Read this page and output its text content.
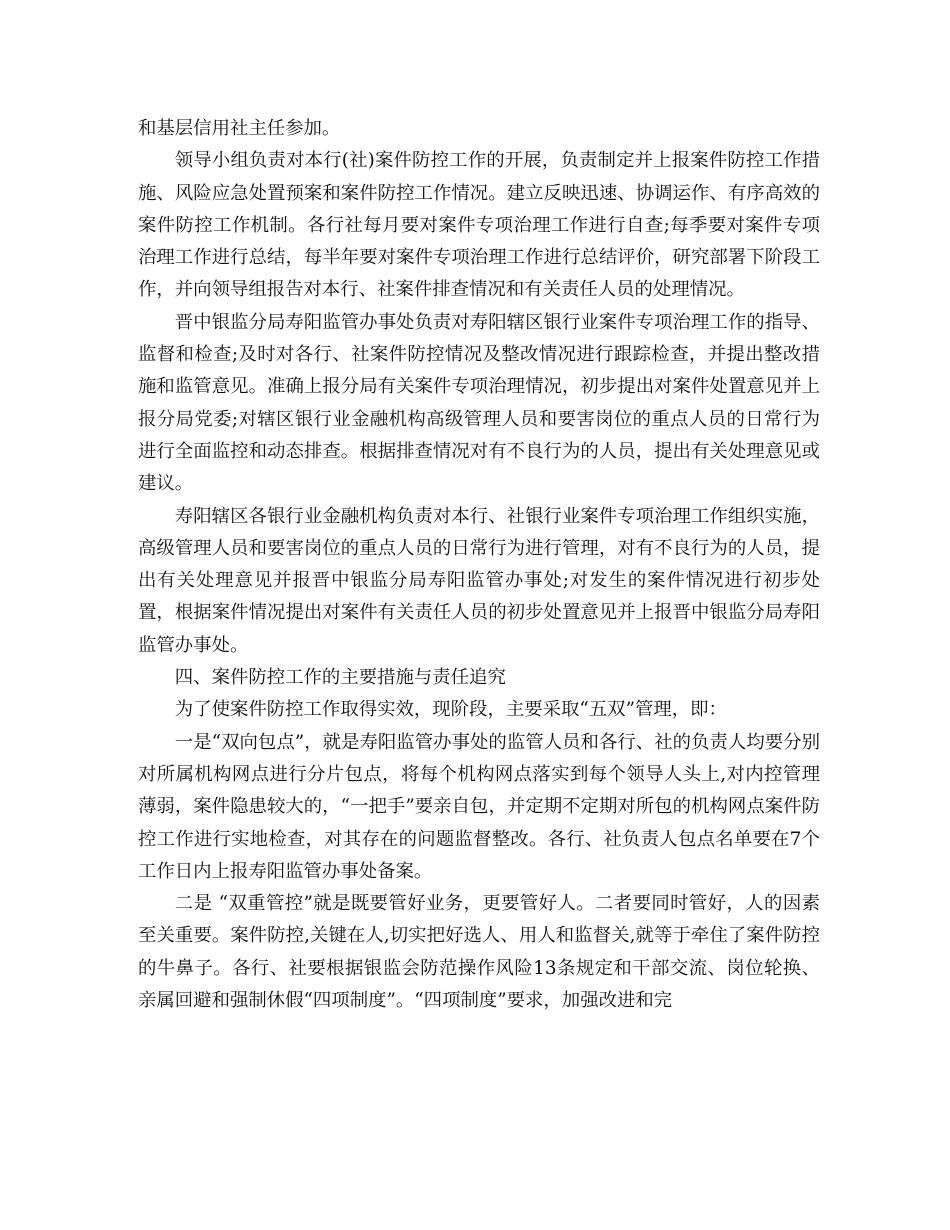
和基层信用社主任参加。

领导小组负责对本行(社)案件防控工作的开展，负责制定并上报案件防控工作措施、风险应急处置预案和案件防控工作情况。建立反映迅速、协调运作、有序高效的案件防控工作机制。各行社每月要对案件专项治理工作进行自查;每季要对案件专项治理工作进行总结，每半年要对案件专项治理工作进行总结评价，研究部署下阶段工作，并向领导组报告对本行、社案件排查情况和有关责任人员的处理情况。

晋中银监分局寿阳监管办事处负责对寿阳辖区银行业案件专项治理工作的指导、监督和检查;及时对各行、社案件防控情况及整改情况进行跟踪检查，并提出整改措施和监管意见。准确上报分局有关案件专项治理情况，初步提出对案件处置意见并上报分局党委;对辖区银行业金融机构高级管理人员和要害岗位的重点人员的日常行为进行全面监控和动态排查。根据排查情况对有不良行为的人员，提出有关处理意见或建议。

寿阳辖区各银行业金融机构负责对本行、社银行业案件专项治理工作组织实施，高级管理人员和要害岗位的重点人员的日常行为进行管理，对有不良行为的人员，提出有关处理意见并报晋中银监分局寿阳监管办事处;对发生的案件情况进行初步处置，根据案件情况提出对案件有关责任人员的初步处置意见并上报晋中银监分局寿阳监管办事处。

四、案件防控工作的主要措施与责任追究

为了使案件防控工作取得实效，现阶段，主要采取“五双”管理，即：

一是“双向包点”，就是寿阳监管办事处的监管人员和各行、社的负责人均要分别对所属机构网点进行分片包点，将每个机构网点落实到每个领导人头上,对内控管理薄弱，案件隐患较大的，“一把手”要亲自包，并定期不定期对所包的机构网点案件防控工作进行实地检查，对其存在的问题监督整改。各行、社负责人包点名单要在7个工作日内上报寿阳监管办事处备案。

二是 “双重管控”就是既要管好业务，更要管好人。二者要同时管好，人的因素至关重要。案件防控,关键在人,切实把好选人、用人和监督关,就等于牵住了案件防控的牛鼻子。各行、社要根据银监会防范操作风险13条规定和干部交流、岗位轮换、亲属回避和强制休假“四项制度”。“四项制度”要求，加强改进和完
